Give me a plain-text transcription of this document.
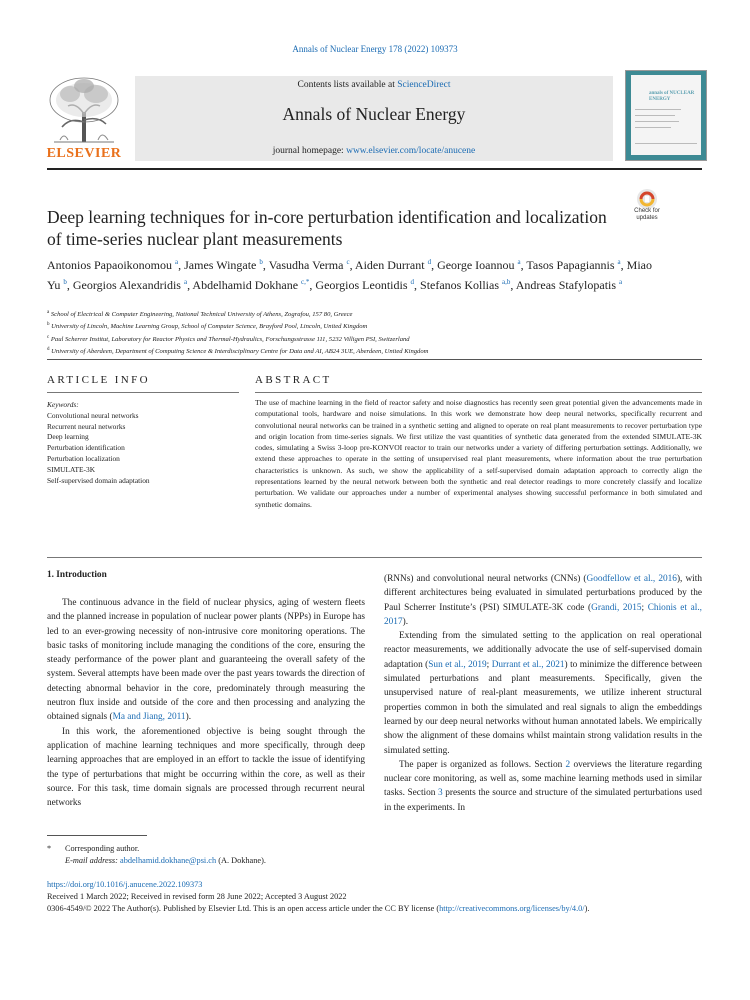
Annals of Nuclear Energy 178 (2022) 109373
ELSEVIER
Contents lists available at ScienceDirect
Annals of Nuclear Energy
journal homepage: www.elsevier.com/locate/anucene
annals of NUCLEAR ENERGY
Check for updates
Deep learning techniques for in-core perturbation identification and localization of time-series nuclear plant measurements
Antonios Papaoikonomou $^a$, James Wingate $^b$, Vasudha Verma $^c$, Aiden Durrant $^d$, George Ioannou $^a$, Tasos Papagiannis $^a$, Miao Yu $^b$, Georgios Alexandridis $^a$, Abdelhamid Dokhane $^{c,*}$, Georgios Leontidis $^d$, Stefanos Kollias $^{a,b}$, Andreas Stafylopatis $^a$
$^a$ School of Electrical & Computer Engineering, National Technical University of Athens, Zografou, 157 80, Greece
$^b$ University of Lincoln, Machine Learning Group, School of Computer Science, Brayford Pool, Lincoln, United Kingdom
$^c$ Paul Scherrer Institut, Laboratory for Reactor Physics and Thermal-Hydraulics, Forschungsstrasse 111, 5232 Villigen PSI, Switzerland
$^d$ University of Aberdeen, Department of Computing Science & Interdisciplinary Centre for Data and AI, AB24 3UE, Aberdeen, United Kingdom
ARTICLE INFO
Keywords:
Convolutional neural networks
Recurrent neural networks
Deep learning
Perturbation identification
Perturbation localization
SIMULATE-3K
Self-supervised domain adaptation
ABSTRACT
The use of machine learning in the field of reactor safety and noise diagnostics has recently seen great potential given the advancements made in computational tools, hardware and noise simulations. In this work we demonstrate how deep neural networks, specifically recurrent and convolutional neural networks can be trained in a synthetic setting and aligned to operate on real plant measurements to recover perturbation type and origin location from time-series signals. We first utilize the vast quantities of synthetic data generated from the extended SIMULATE-3K codes, simulating a Swiss 3-loop pre-KONVOI reactor to train our networks under a variety of differing perturbation settings. Additionally, we extend these approaches to operate in the setting of unsupervised real plant measurements, where information about the true perturbation characteristics is unknown. As such, we show the applicability of a self-supervised domain adaptation approach to correctly align the representations learned by the neural network between both the synthetic and real detector readings to more concretely classify and localize perturbation. We validate our approaches under a number of experimental analyses showing successful performance in both simulated and synthetic domains.
1. Introduction

The continuous advance in the field of nuclear physics, aging of western fleets and the planned increase in population of nuclear power plants (NPPs) in Europe has led to an ever-growing necessity of non-intrusive core monitoring operations. The basic tasks of monitoring include managing the conditions of the core, ensuring the steady performance of the power plant and guaranteeing the overall safety of the system. Several attempts have been made over the past years towards the direction of detecting abnormal behavior in the core, predominately through measuring the neutron flux inside and outside of the core and then processing and analyzing the obtained signals (Ma and Jiang, 2011).

In this work, the aforementioned objective is being sought through the application of machine learning techniques and more specifically, through deep learning approaches that are employed in an effort to tackle the issue of identifying the type of perturbations that might be occurring within the core, as well as their source. For this task, time domain signals are processed through recurrent neural networks

(RNNs) and convolutional neural networks (CNNs) (Goodfellow et al., 2016), with different architectures being evaluated in simulated perturbations produced by the Paul Scherrer Institute’s (PSI) SIMULATE-3K code (Grandi, 2015; Chionis et al., 2017).

Extending from the simulated setting to the application on real operational reactor measurements, we additionally advocate the use of self-supervised domain adaptation (Sun et al., 2019; Durrant et al., 2021) to minimize the difference between simulated perturbations and plant measurements. Specifically, given the unsupervised nature of real-plant measurements, we utilize inherent structural properties common in both the simulated and real signals to align the embeddings learned by our deep neural networks without human annotated labels. We empirically show the alignment of these domains whilst maintain strong validation results in the simulated setting.

The paper is organized as follows. Section 2 overviews the literature regarding nuclear core monitoring, as well as, some machine learning methods used in similar tasks. Section 3 presents the source and structure of the simulated perturbations used in the experiments. In

* Corresponding author.
E-mail address: abdelhamid.dokhane@psi.ch (A. Dokhane).
https://doi.org/10.1016/j.anucene.2022.109373
Received 1 March 2022; Received in revised form 28 June 2022; Accepted 3 August 2022
0306-4549/© 2022 The Author(s). Published by Elsevier Ltd. This is an open access article under the CC BY license (http://creativecommons.org/licenses/by/4.0/).
